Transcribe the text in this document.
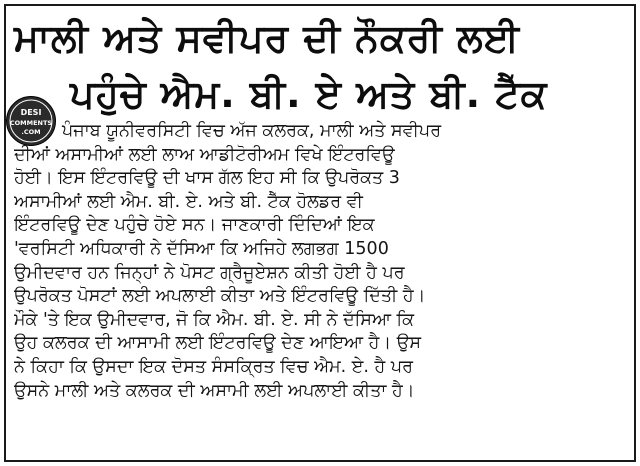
ਮਾਲੀ ਅਤੇ ਸਵੀਪਰ ਦੀ ਨੌਕਰੀ ਲਈ
ਪਹੁੰਚੇ ਐਮ. ਬੀ. ਏ ਅਤੇ ਬੀ. ਟੈੱਕ
DESI
COMMENTS
.COM	ਪੰਜਾਬ ਯੂਨੀਵਰਸਿਟੀ ਵਿਚ ਅੱਜ ਕਲਰਕ, ਮਾਲੀ ਅਤੇ ਸਵੀਪਰ
ਦੀਆਂ ਅਸਾਮੀਆਂ ਲਈ ਲਾਅ ਆਡੀਟੋਰੀਅਮ ਵਿਖੇ ਇੰਟਰਵਿਊ
ਹੋਈ। ਇਸ ਇੰਟਰਵਿਊ ਦੀ ਖਾਸ ਗੱਲ ਇਹ ਸੀ ਕਿ ਉਪਰੋਕਤ 3
ਅਸਾਮੀਆਂ ਲਈ ਐਮ. ਬੀ. ਏ. ਅਤੇ ਬੀ. ਟੈੱਕ ਹੋਲਡਰ ਵੀ
ਇੰਟਰਵਿਊ ਦੇਣ ਪਹੁੰਚੇ ਹੋਏ ਸਨ। ਜਾਣਕਾਰੀ ਦਿੰਦਿਆਂ ਇਕ
'ਵਰਸਿਟੀ ਅਧਿਕਾਰੀ ਨੇ ਦੱਸਿਆ ਕਿ ਅਜਿਹੇ ਲਗਭਗ 1500
ਉਮੀਦਵਾਰ ਹਨ ਜਿਨ੍ਹਾਂ ਨੇ ਪੋਸਟ ਗ੍ਰੈਜੂਏਸ਼ਨ ਕੀਤੀ ਹੋਈ ਹੈ ਪਰ
ਉਪਰੋਕਤ ਪੋਸਟਾਂ ਲਈ ਅਪਲਾਈ ਕੀਤਾ ਅਤੇ ਇੰਟਰਵਿਊ ਦਿੱਤੀ ਹੈ।
ਮੌਕੇ 'ਤੇ ਇਕ ਉਮੀਦਵਾਰ, ਜੋ ਕਿ ਐਮ. ਬੀ. ਏ. ਸੀ ਨੇ ਦੱਸਿਆ ਕਿ
ਉਹ ਕਲਰਕ ਦੀ ਆਸਾਮੀ ਲਈ ਇੰਟਰਵਿਊ ਦੇਣ ਆਇਆ ਹੈ। ਉਸ
ਨੇ ਕਿਹਾ ਕਿ ਉਸਦਾ ਇਕ ਦੋਸਤ ਸੰਸਕ੍ਰਿਤ ਵਿਚ ਐਮ. ਏ. ਹੈ ਪਰ
ਉਸਨੇ ਮਾਲੀ ਅਤੇ ਕਲਰਕ ਦੀ ਅਸਾਮੀ ਲਈ ਅਪਲਾਈ ਕੀਤਾ ਹੈ।
